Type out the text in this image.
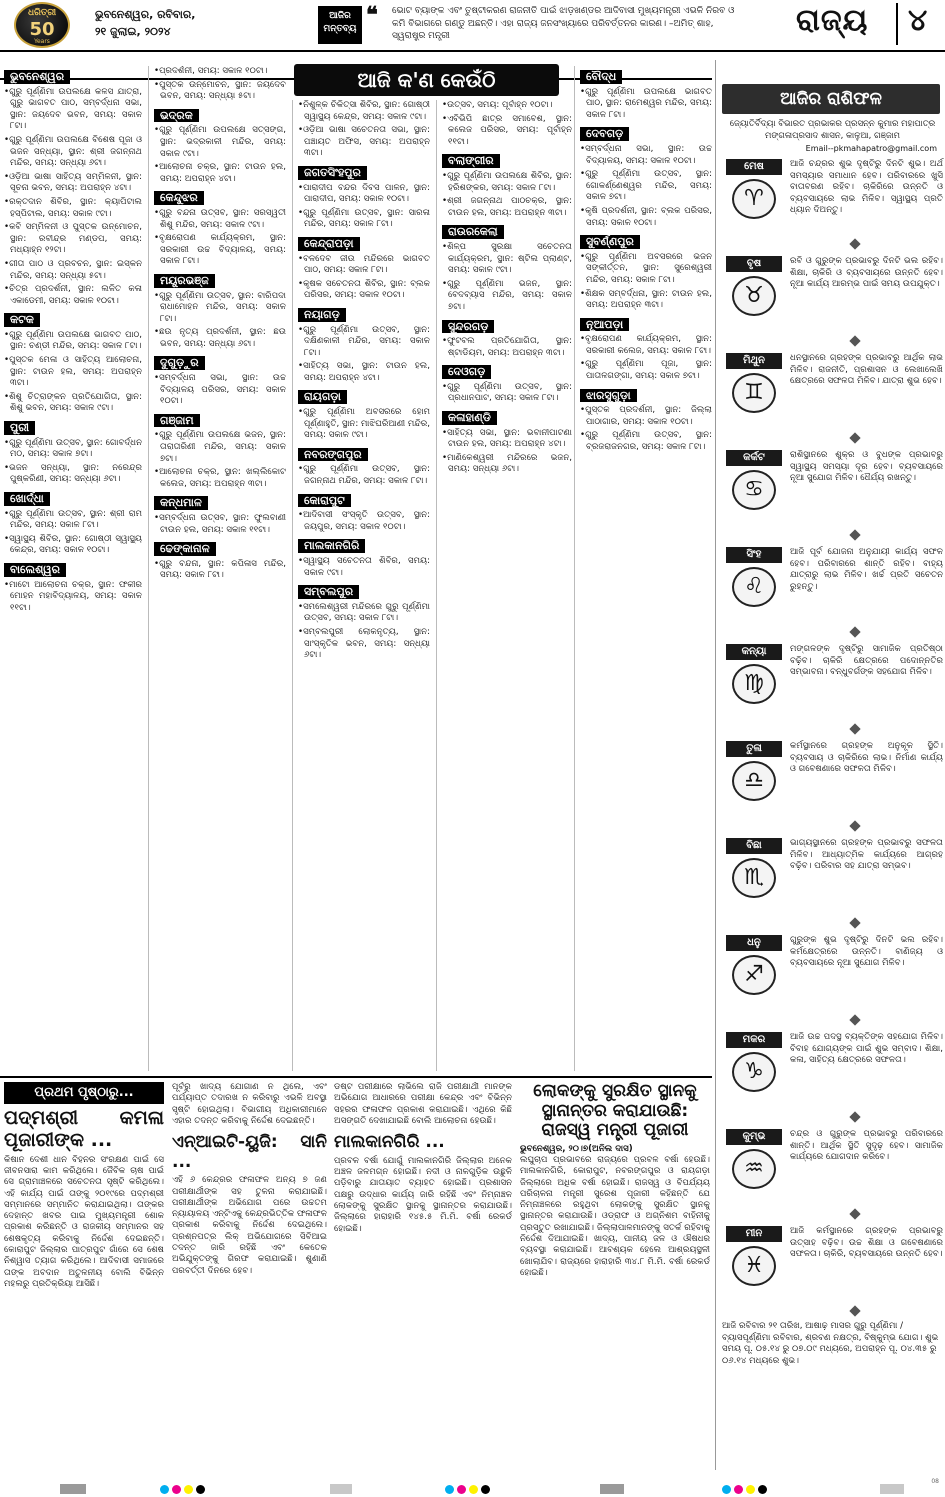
ଧରିତ୍ରୀ
50
Years
ଭୁବନେଶ୍ୱର, ରବିବାର,
୨୧ ଜୁଲାଇ, ୨୦୨୪
ଆଜିର ମନ୍ତବ୍ୟ
❝ ଭୋଟ ବ୍ୟାଙ୍କ ଏବଂ ତୁଷ୍ଟୀକରଣ ରାଜନୀତି ପାଇଁ ଝାଡ଼ଖଣ୍ଡର ଆଦିବାସୀ ମୁଖ୍ୟମନ୍ତ୍ରୀ ଏଭଳି ନିରବ ଓ କମି ବିଭାଗରେ ଗଣ୍ଡୁ ଅଛନ୍ତି। ଏହା ରାଜ୍ୟ ଜନସଂଖ୍ୟାରେ ପରିବର୍ତ୍ତନର କାରଣ। –ଅମିତ୍ ଶାହ, ସ୍ୱରାଷ୍ଟ୍ର ମନ୍ତ୍ରୀ	ରାଜ୍ୟ	୪
ଆଜି କ'ଣ କେଉଁଠି
ଭୁବନେଶ୍ୱର
• ଗୁରୁ ପୂର୍ଣ୍ଣିମା ଉପଲକ୍ଷେ କଳସ ଯାତ୍ରା, ଗୁରୁ ଭାଗବତ ପାଠ, ସମ୍ବର୍ଦ୍ଧନା ସଭା, ସ୍ଥାନ: ଜୟଦେବ ଭବନ, ସମୟ: ସକାଳ ୮ଟା।
• ଗୁରୁ ପୂର୍ଣ୍ଣିମା ଉପଲକ୍ଷେ ବିଶେଷ ପୂଜା ଓ ଭଜନ ସନ୍ଧ୍ୟା, ସ୍ଥାନ: ଶ୍ରୀ ଜଗନ୍ନାଥ ମନ୍ଦିର, ସମୟ: ସନ୍ଧ୍ୟା ୬ଟା।
• ଓଡ଼ିଆ ଭାଷା ସାହିତ୍ୟ ସମ୍ମିଳନୀ, ସ୍ଥାନ: ସୂଚନା ଭବନ, ସମୟ: ଅପରାହ୍ନ ୪ଟା।
• ରକ୍ତଦାନ ଶିବିର, ସ୍ଥାନ: କ୍ୟାପିଟାଲ ହସ୍ପିଟାଲ, ସମୟ: ସକାଳ ୯ଟା।
• କବି ସମ୍ମିଳନୀ ଓ ପୁସ୍ତକ ଉନ୍ମୋଚନ, ସ୍ଥାନ: ରବୀନ୍ଦ୍ର ମଣ୍ଡପ, ସମୟ: ମଧ୍ୟାହ୍ନ ୧୨ଟା।
• ଗୀତା ପାଠ ଓ ପ୍ରବଚନ, ସ୍ଥାନ: ଇସ୍କନ ମନ୍ଦିର, ସମୟ: ସନ୍ଧ୍ୟା ୫ଟା।
• ଚିତ୍ର ପ୍ରଦର୍ଶନୀ, ସ୍ଥାନ: ଲଳିତ କଳା ଏକାଡେମୀ, ସମୟ: ସକାଳ ୧୦ଟା।
କଟକ
• ଗୁରୁ ପୂର୍ଣ୍ଣିମା ଉପଲକ୍ଷେ ଭାଗବତ ପାଠ, ସ୍ଥାନ: ଚଣ୍ଡୀ ମନ୍ଦିର, ସମୟ: ସକାଳ ୮ଟା।
• ପୁସ୍ତକ ମେଳା ଓ ସାହିତ୍ୟ ଆଲୋଚନା, ସ୍ଥାନ: ଟାଉନ ହଲ, ସମୟ: ଅପରାହ୍ନ ୩ଟା।
• ଶିଶୁ ଚିତ୍ରାଙ୍କନ ପ୍ରତିଯୋଗିତା, ସ୍ଥାନ: ଶିଶୁ ଭବନ, ସମୟ: ସକାଳ ୯ଟା।
ପୁରୀ
• ଗୁରୁ ପୂର୍ଣ୍ଣିମା ଉତ୍ସବ, ସ୍ଥାନ: ଗୋବର୍ଦ୍ଧନ ମଠ, ସମୟ: ସକାଳ ୭ଟା।
• ଭଜନ ସନ୍ଧ୍ୟା, ସ୍ଥାନ: ନରେନ୍ଦ୍ର ପୁଷ୍କରିଣୀ, ସମୟ: ସନ୍ଧ୍ୟା ୬ଟା।
ଖୋର୍ଦ୍ଧା
• ଗୁରୁ ପୂର୍ଣ୍ଣିମା ଉତ୍ସବ, ସ୍ଥାନ: ଶ୍ରୀ ରାମ ମନ୍ଦିର, ସମୟ: ସକାଳ ୮ଟା।
• ସ୍ୱାସ୍ଥ୍ୟ ଶିବିର, ସ୍ଥାନ: ଗୋଷ୍ଠୀ ସ୍ୱାସ୍ଥ୍ୟ କେନ୍ଦ୍ର, ସମୟ: ସକାଳ ୧୦ଟା।
ବାଲେଶ୍ୱର
• ମାଟୋ ଆଲୋଚନା ଚକ୍ର, ସ୍ଥାନ: ଫକୀର ମୋହନ ମହାବିଦ୍ୟାଳୟ, ସମୟ: ସକାଳ ୧୧ଟା।
• ପ୍ରଦର୍ଶନୀ, ସମୟ: ସକାଳ ୧୦ଟା।
• ପୁସ୍ତକ ଉନ୍ମୋଚନ, ସ୍ଥାନ: ଜୟଦେବ ଭବନ, ସମୟ: ସନ୍ଧ୍ୟା ୫ଟା।
ଭଦ୍ରକ
• ଗୁରୁ ପୂର୍ଣ୍ଣିମା ଉପଲକ୍ଷେ ସତ୍ସଙ୍ଗ, ସ୍ଥାନ: ଭଦ୍ରକାଳୀ ମନ୍ଦିର, ସମୟ: ସକାଳ ୯ଟା।
• ଆଲୋଚନା ଚକ୍ର, ସ୍ଥାନ: ଟାଉନ ହଲ, ସମୟ: ଅପରାହ୍ନ ୪ଟା।
କେନ୍ଦୁଝର
• ଗୁରୁ ବନ୍ଦନା ଉତ୍ସବ, ସ୍ଥାନ: ସରସ୍ୱତୀ ଶିଶୁ ମନ୍ଦିର, ସମୟ: ସକାଳ ୯ଟା।
• ବୃକ୍ଷରୋପଣ କାର୍ଯ୍ୟକ୍ରମ, ସ୍ଥାନ: ସରକାରୀ ଉଚ୍ଚ ବିଦ୍ୟାଳୟ, ସମୟ: ସକାଳ ୮ଟା।
ମୟୂରଭଞ୍ଜ
• ଗୁରୁ ପୂର୍ଣ୍ଣିମା ଉତ୍ସବ, ସ୍ଥାନ: ବାରିପଦା ରାଧାମୋହନ ମନ୍ଦିର, ସମୟ: ସକାଳ ୮ଟା।
• ଛଉ ନୃତ୍ୟ ପ୍ରଦର୍ଶନୀ, ସ୍ଥାନ: ଛଉ ଭବନ, ସମୟ: ସନ୍ଧ୍ୟା ୬ଟା।
ଦୁଗୁଡ଼ୁର
• ସମ୍ବର୍ଦ୍ଧନା ସଭା, ସ୍ଥାନ: ଉଚ୍ଚ ବିଦ୍ୟାଳୟ ପରିସର, ସମୟ: ସକାଳ ୧୦ଟା।
ଗଞ୍ଜାମ
• ଗୁରୁ ପୂର୍ଣ୍ଣିମା ଉପଲକ୍ଷେ ଭଜନ, ସ୍ଥାନ: ତାରାତାରିଣୀ ମନ୍ଦିର, ସମୟ: ସକାଳ ୭ଟା।
• ଆଲୋଚନା ଚକ୍ର, ସ୍ଥାନ: ଖଲ୍ଲିକୋଟ କଲେଜ, ସମୟ: ଅପରାହ୍ନ ୩ଟା।
କନ୍ଧମାଳ
• ସମ୍ବର୍ଦ୍ଧନା ଉତ୍ସବ, ସ୍ଥାନ: ଫୁଲବାଣୀ ଟାଉନ ହଲ, ସମୟ: ସକାଳ ୧୧ଟା।
ଢେଙ୍କାନାଳ
• ଗୁରୁ ବନ୍ଦନା, ସ୍ଥାନ: କପିଳାସ ମନ୍ଦିର, ସମୟ: ସକାଳ ୮ଟା।
• ନିଶୁଳ୍କ ଚିକିତ୍ସା ଶିବିର, ସ୍ଥାନ: ଗୋଷ୍ଠୀ ସ୍ୱାସ୍ଥ୍ୟ କେନ୍ଦ୍ର, ସମୟ: ସକାଳ ୯ଟା।
• ଓଡ଼ିଆ ଭାଷା ସଚେତନତା ସଭା, ସ୍ଥାନ: ପଞ୍ଚାୟତ ଅଫିସ, ସମୟ: ଅପରାହ୍ନ ୩ଟା।
ଜଗତସିଂହପୁର
• ପାରାଦୀପ ବନ୍ଦର ଦିବସ ପାଳନ, ସ୍ଥାନ: ପାରାଦୀପ, ସମୟ: ସକାଳ ୧୦ଟା।
• ଗୁରୁ ପୂର୍ଣ୍ଣିମା ଉତ୍ସବ, ସ୍ଥାନ: ସାରଳା ମନ୍ଦିର, ସମୟ: ସକାଳ ୮ଟା।
କେନ୍ଦ୍ରାପଡ଼ା
• ବଳଦେବ ଜୀଉ ମନ୍ଦିରରେ ଭାଗବତ ପାଠ, ସମୟ: ସକାଳ ୮ଟା।
• କୃଷକ ସଚେତନତା ଶିବିର, ସ୍ଥାନ: ବ୍ଲକ ପରିସର, ସମୟ: ସକାଳ ୧୦ଟା।
ନୟାଗଡ଼
• ଗୁରୁ ପୂର୍ଣ୍ଣିମା ଉତ୍ସବ, ସ୍ଥାନ: ଦକ୍ଷିଣକାଳୀ ମନ୍ଦିର, ସମୟ: ସକାଳ ୮ଟା।
• ସାହିତ୍ୟ ସଭା, ସ୍ଥାନ: ଟାଉନ ହଲ, ସମୟ: ଅପରାହ୍ନ ୪ଟା।
ରାୟଗଡ଼ା
• ଗୁରୁ ପୂର୍ଣ୍ଣିମା ଅବସରରେ ହୋମ ପୂର୍ଣ୍ଣାହୁତି, ସ୍ଥାନ: ମାଝିଘରିଆଣୀ ମନ୍ଦିର, ସମୟ: ସକାଳ ୯ଟା।
ନବରଙ୍ଗପୁର
• ଗୁରୁ ପୂର୍ଣ୍ଣିମା ଉତ୍ସବ, ସ୍ଥାନ: ଜଗନ୍ନାଥ ମନ୍ଦିର, ସମୟ: ସକାଳ ୮ଟା।
କୋରାପୁଟ
• ଆଦିବାସୀ ସଂସ୍କୃତି ଉତ୍ସବ, ସ୍ଥାନ: ଜୟପୁର, ସମୟ: ସକାଳ ୧୦ଟା।
ମାଲକାନଗିରି
• ସ୍ୱାସ୍ଥ୍ୟ ସଚେତନତା ଶିବିର, ସମୟ: ସକାଳ ୯ଟା।
ସମ୍ବଲପୁର
• ସମଲେଶ୍ୱରୀ ମନ୍ଦିରରେ ଗୁରୁ ପୂର୍ଣ୍ଣିମା ଉତ୍ସବ, ସମୟ: ସକାଳ ୮ଟା।
• ସମ୍ବଲପୁରୀ ଲୋକନୃତ୍ୟ, ସ୍ଥାନ: ସାଂସ୍କୃତିକ ଭବନ, ସମୟ: ସନ୍ଧ୍ୟା ୬ଟା।
• ଉତ୍ସବ, ସମୟ: ପୂର୍ବାହ୍ନ ୧୦ଟା।
• ଏବିଭିପି ଛାତ୍ର ସମାବେଶ, ସ୍ଥାନ: କଲେଜ ପରିସର, ସମୟ: ପୂର୍ବାହ୍ନ ୧୧ଟା।
ବଲାଙ୍ଗୀର
• ଗୁରୁ ପୂର୍ଣ୍ଣିମା ଉପଲକ୍ଷେ ଶିବିର, ସ୍ଥାନ: ହରିଶଙ୍କର, ସମୟ: ସକାଳ ୮ଟା।
• ଶ୍ରୀ ଜଗନ୍ନାଥ ପାଠଚକ୍ର, ସ୍ଥାନ: ଟାଉନ ହଲ, ସମୟ: ଅପରାହ୍ନ ୩ଟା।
ରାଉରକେଲା
• ଶିଳ୍ପ ସୁରକ୍ଷା ସଚେତନତା କାର୍ଯ୍ୟକ୍ରମ, ସ୍ଥାନ: ଷ୍ଟିଲ ପ୍ଲାଣ୍ଟ, ସମୟ: ସକାଳ ୯ଟା।
• ଗୁରୁ ପୂର୍ଣ୍ଣିମା ଭଜନ, ସ୍ଥାନ: ବେଦବ୍ୟାସ ମନ୍ଦିର, ସମୟ: ସକାଳ ୭ଟା।
ସୁନ୍ଦରଗଡ଼
• ଫୁଟବଲ ପ୍ରତିଯୋଗିତା, ସ୍ଥାନ: ଷ୍ଟାଡିୟମ, ସମୟ: ଅପରାହ୍ନ ୩ଟା।
ଦେଓଗଡ଼
• ଗୁରୁ ପୂର୍ଣ୍ଣିମା ଉତ୍ସବ, ସ୍ଥାନ: ପ୍ରଧାନପାଟ, ସମୟ: ସକାଳ ୮ଟା।
କଳାହାଣ୍ଡି
• ସାହିତ୍ୟ ସଭା, ସ୍ଥାନ: ଭବାନୀପାଟଣା ଟାଉନ ହଲ, ସମୟ: ଅପରାହ୍ନ ୪ଟା।
• ମାଣିକେଶ୍ୱରୀ ମନ୍ଦିରରେ ଭଜନ, ସମୟ: ସନ୍ଧ୍ୟା ୬ଟା।
ବୌଦ୍ଧ
• ଗୁରୁ ପୂର୍ଣ୍ଣିମା ଉପଲକ୍ଷେ ଭାଗବତ ପାଠ, ସ୍ଥାନ: ରାମେଶ୍ୱର ମନ୍ଦିର, ସମୟ: ସକାଳ ୮ଟା।
ଦେବଗଡ଼
• ସମ୍ବର୍ଦ୍ଧନା ସଭା, ସ୍ଥାନ: ଉଚ୍ଚ ବିଦ୍ୟାଳୟ, ସମୟ: ସକାଳ ୧୦ଟା।
• ଗୁରୁ ପୂର୍ଣ୍ଣିମା ଉତ୍ସବ, ସ୍ଥାନ: ଗୋକର୍ଣ୍ଣେଶ୍ୱର ମନ୍ଦିର, ସମୟ: ସକାଳ ୭ଟା।
• କୃଷି ପ୍ରଦର୍ଶନୀ, ସ୍ଥାନ: ବ୍ଲକ ପରିସର, ସମୟ: ସକାଳ ୧୦ଟା।
ସୁବର୍ଣ୍ଣପୁର
• ଗୁରୁ ପୂର୍ଣ୍ଣିମା ଅବସରରେ ଭଜନ ସଙ୍କୀର୍ତ୍ତନ, ସ୍ଥାନ: ସୁରେଶ୍ୱରୀ ମନ୍ଦିର, ସମୟ: ସକାଳ ୮ଟା।
• ଶିକ୍ଷକ ସମ୍ବର୍ଦ୍ଧନା, ସ୍ଥାନ: ଟାଉନ ହଲ, ସମୟ: ଅପରାହ୍ନ ୩ଟା।
ନୂଆପଡ଼ା
• ବୃକ୍ଷରୋପଣ କାର୍ଯ୍ୟକ୍ରମ, ସ୍ଥାନ: ସରକାରୀ କଲେଜ, ସମୟ: ସକାଳ ୮ଟା।
• ଗୁରୁ ପୂର୍ଣ୍ଣିମା ପୂଜା, ସ୍ଥାନ: ପାତାଳଗଙ୍ଗା, ସମୟ: ସକାଳ ୭ଟା।
ଝାରସୁଗୁଡ଼ା
• ପୁସ୍ତକ ପ୍ରଦର୍ଶନୀ, ସ୍ଥାନ: ଜିଲ୍ଲା ପାଠାଗାର, ସମୟ: ସକାଳ ୧୦ଟା।
• ଗୁରୁ ପୂର୍ଣ୍ଣିମା ଉତ୍ସବ, ସ୍ଥାନ: ବ୍ରଜରାଜନଗର, ସମୟ: ସକାଳ ୮ଟା।
ଆଜିର ରାଶିଫଳ
ଜ୍ୟୋତିର୍ବିଦ୍ୟା ବିଭାରତ ପ୍ରଭାକର ପ୍ରସନ୍ନ କୁମାର ମହାପାତ୍ର
ମଙ୍ଗଳାପ୍ରସାଦ ଶାସନ, କାଳୁଆ, ଗଞ୍ଜାମ
Email--pkmahapatro@gmail.com
ମେଷ
♈
ଆଜି ଚନ୍ଦ୍ରର ଶୁଭ ଦୃଷ୍ଟିରୁ ଦିନଟି ଶୁଭ। ଅର୍ଥ ସମସ୍ୟାର ସମାଧାନ ହେବ। ପରିବାରରେ ଖୁସି ବାତାବରଣ ରହିବ। ଚାକିରିରେ ଉନ୍ନତି ଓ ବ୍ୟବସାୟରେ ଲାଭ ମିଳିବ। ସ୍ୱାସ୍ଥ୍ୟ ପ୍ରତି ଧ୍ୟାନ ଦିଅନ୍ତୁ।
ବୃଷ
♉
ରବି ଓ ଗୁରୁଙ୍କ ପ୍ରଭାବରୁ ଦିନଟି ଭଲ ରହିବ। ଶିକ୍ଷା, ଚାକିରି ଓ ବ୍ୟବସାୟରେ ଉନ୍ନତି ହେବ। ନୂଆ କାର୍ଯ୍ୟ ଆରମ୍ଭ ପାଇଁ ସମୟ ଉପଯୁକ୍ତ।
ମିଥୁନ
♊
ଧନସ୍ଥାନରେ ଗ୍ରହଙ୍କ ପ୍ରଭାବରୁ ଆର୍ଥିକ ଲାଭ ମିଳିବ। ରାଜନୀତି, ପ୍ରଶାସନ ଓ ଲେଖାଲେଖି କ୍ଷେତ୍ରରେ ସଫଳତା ମିଳିବ। ଯାତ୍ରା ଶୁଭ ହେବ।
କର୍କଟ
♋
ରାଶିସ୍ଥାନରେ ଶୁକ୍ର ଓ ବୁଧଙ୍କ ପ୍ରଭାବରୁ ସ୍ୱାସ୍ଥ୍ୟ ସମସ୍ୟା ଦୂର ହେବ। ବ୍ୟବସାୟରେ ନୂଆ ସୁଯୋଗ ମିଳିବ। ଧୈର୍ଯ୍ୟ ରଖନ୍ତୁ।
ସିଂହ
♌
ଆଜି ପୂର୍ବ ଯୋଜନା ଅନୁଯାୟୀ କାର୍ଯ୍ୟ ସଫଳ ହେବ। ପରିବାରରେ ଶାନ୍ତି ରହିବ। ବାହ୍ୟ ଯାତ୍ରାରୁ ଲାଭ ମିଳିବ। ଖର୍ଚ୍ଚ ପ୍ରତି ସଚେତନ ରୁହନ୍ତୁ।
କନ୍ୟା
♍
ମଙ୍ଗଳଙ୍କ ଦୃଷ୍ଟିରୁ ସାମାଜିକ ପ୍ରତିଷ୍ଠା ବଢ଼ିବ। ଚାକିରି କ୍ଷେତ୍ରରେ ପଦୋନ୍ନତିର ସମ୍ଭାବନା। ବନ୍ଧୁବର୍ଗଙ୍କ ସହଯୋଗ ମିଳିବ।
ତୁଳା
♎
କର୍ମସ୍ଥାନରେ ଗ୍ରହଙ୍କ ଅନୁକୂଳ ସ୍ଥିତି। ବ୍ୟବସାୟ ଓ ଚାକିରିରେ ଲାଭ। ନିର୍ମାଣ କାର୍ଯ୍ୟ ଓ ଗବେଷଣାରେ ସଫଳତା ମିଳିବ।
ବିଛା
♏
ଭାଗ୍ୟସ୍ଥାନରେ ଗ୍ରହଙ୍କ ପ୍ରଭାବରୁ ସଫଳତା ମିଳିବ। ଆଧ୍ୟାତ୍ମିକ କାର୍ଯ୍ୟରେ ଆଗ୍ରହ ବଢ଼ିବ। ପରିବାର ସହ ଯାତ୍ରା ସମ୍ଭବ।
ଧନୁ
♐
ଗୁରୁଙ୍କ ଶୁଭ ଦୃଷ୍ଟିରୁ ଦିନଟି ଭଲ ରହିବ। କର୍ମକ୍ଷେତ୍ରରେ ଉନ୍ନତି। ବାଣିଜ୍ୟ ଓ ବ୍ୟବସାୟରେ ନୂଆ ସୁଯୋଗ ମିଳିବ।
ମକର
♑
ଆଜି ଉଚ୍ଚ ପଦସ୍ଥ ବ୍ୟକ୍ତିଙ୍କ ସହଯୋଗ ମିଳିବ। ବିବାହ ଯୋଗ୍ୟଙ୍କ ପାଇଁ ଶୁଭ ସମ୍ବାଦ। ଶିକ୍ଷା, କଳା, ସାହିତ୍ୟ କ୍ଷେତ୍ରରେ ସଫଳତା।
କୁମ୍ଭ
♒
ଚନ୍ଦ୍ର ଓ ଗୁରୁଙ୍କ ପ୍ରଭାବରୁ ପରିବାରରେ ଶାନ୍ତି। ଆର୍ଥିକ ସ୍ଥିତି ସୁଦୃଢ଼ ହେବ। ସାମାଜିକ କାର୍ଯ୍ୟରେ ଯୋଗଦାନ କରିବେ।
ମୀନ
♓
ଆଜି କର୍ମସ୍ଥାନରେ ଗ୍ରହଙ୍କ ପ୍ରଭାବରୁ ଉତ୍ସାହ ବଢ଼ିବ। ଉଚ୍ଚ ଶିକ୍ଷା ଓ ଗବେଷଣାରେ ସଫଳତା। ଚାକିରି, ବ୍ୟବସାୟରେ ଉନ୍ନତି ହେବ।
ଆଜି ରବିବାର ୨୧ ତାରିଖ, ଆଷାଢ଼ ମାସର ଗୁରୁ ପୂର୍ଣ୍ଣିମା / ବ୍ୟାସପୂର୍ଣ୍ଣିମା ରବିବାର, ଶ୍ରବଣ ନକ୍ଷତ୍ର, ବିଷ୍କୁମ୍ଭ ଯୋଗ। ଶୁଭ ସମୟ ପୂ. ୦୫.୧୪ ରୁ ୦୭.୦୯ ମଧ୍ୟରେ, ଅପରାହ୍ନ ପୂ. ୦୪.୩୫ ରୁ ୦୬.୧୪ ମଧ୍ୟରେ ଶୁଭ।
ପ୍ରଥମ ପୃଷ୍ଠାରୁ...
ପଦ୍ମଶ୍ରୀ କମଳା ପୂଜାରୀଙ୍କ ...
କିଷାନ ଦେଶୀ ଧାନ ବିହନର ସଂରକ୍ଷଣ ପାଇଁ ସେ ଜୀବନସାରା କାମ କରିଥିଲେ। ଜୈବିକ ଚାଷ ପାଇଁ ସେ ଗ୍ରାମାଞ୍ଚଳରେ ସଚେତନତା ସୃଷ୍ଟି କରିଥିଲେ। ଏହି କାର୍ଯ୍ୟ ପାଇଁ ତାଙ୍କୁ ୨୦୧୯ରେ ପଦ୍ମଶ୍ରୀ ସମ୍ମାନରେ ସମ୍ମାନିତ କରାଯାଇଥିଲା। ତାଙ୍କର ଦେହାନ୍ତ ଖବର ପାଇ ମୁଖ୍ୟମନ୍ତ୍ରୀ ଶୋକ ପ୍ରକାଶ କରିଛନ୍ତି ଓ ରାଜକୀୟ ସମ୍ମାନର ସହ ଶେଷକୃତ୍ୟ କରିବାକୁ ନିର୍ଦ୍ଦେଶ ଦେଇଛନ୍ତି। କୋରାପୁଟ ଜିଲ୍ଲାର ପାତ୍ରପୁଟ ଗାଁରେ ସେ ଶେଷ ନିଶ୍ୱାସ ତ୍ୟାଗ କରିଥିଲେ। ଆଦିବାସୀ ସମାଜରେ ତାଙ୍କ ଅବଦାନ ଅତୁଳନୀୟ ବୋଲି ବିଭିନ୍ନ ମହଲରୁ ପ୍ରତିକ୍ରିୟା ଆସିଛି।
ପୂର୍ବରୁ ଖାଦ୍ୟ ଯୋଗାଣ ନ ଥିଲେ, ଏବଂ ପର୍ଯ୍ୟାପ୍ତ ତଦାରଖ ନ କରିବାରୁ ଏଭଳି ଅବସ୍ଥା ସୃଷ୍ଟି ହୋଇଥିଲା। ବିଭାଗୀୟ ଅଧିକାରୀମାନେ ଏହାର ତଦନ୍ତ କରିବାକୁ ନିର୍ଦ୍ଦେଶ ଦେଇଛନ୍ତି।
ଏନ୍‌ଆଇଟି-ୟୁଜି: ସାନି ...
ଏହି ୬ କେନ୍ଦ୍ରର ଫଳାଫଳ ଅନ୍ୟ ୭ ଜଣ ପରୀକ୍ଷାର୍ଥୀଙ୍କ ସହ ତୁଳନା କରାଯାଇଛି। ପରୀକ୍ଷାର୍ଥୀଙ୍କ ଅଭିଯୋଗ ପରେ ଉଚ୍ଚତମ ନ୍ୟାୟାଳୟ ଏନ୍‌ଟିଏକୁ କେନ୍ଦ୍ରଭିତ୍ତିକ ଫଳାଫଳ ପ୍ରକାଶ କରିବାକୁ ନିର୍ଦ୍ଦେଶ ଦେଇଥିଲେ। ପ୍ରଶ୍ନପତ୍ର ଲିକ୍ ଅଭିଯୋଗରେ ସିବିଆଇ ତଦନ୍ତ ଜାରି ରହିଛି ଏବଂ କେତେକ ଅଭିଯୁକ୍ତଙ୍କୁ ଗିରଫ କରାଯାଇଛି। ଶୁଣାଣି ପରବର୍ତ୍ତୀ ଦିନରେ ହେବ।
ଡଷ୍ଟ ପରୀକ୍ଷାରେ ଲାଭିଲେ ରାଜି ପରୀକ୍ଷାର୍ଥୀ ମାନଙ୍କ ଅଭିଯୋଗ ଆଧାରରେ ପରୀକ୍ଷା କେନ୍ଦ୍ର ଏବଂ ବିଭିନ୍ନ ସହରର ଫଳାଫଳ ପ୍ରକାଶ କରାଯାଇଛି। ଏଥିରେ କିଛି ଅସଙ୍ଗତି ଦେଖାଯାଇଛି ବୋଲି ଆଲୋଚନା ହେଉଛି।
ମାଲକାନଗିରି ...
ପ୍ରବଳ ବର୍ଷା ଯୋଗୁଁ ମାଲକାନଗିରି ଜିଲ୍ଲାର ଅନେକ ଅଞ୍ଚଳ ଜଳମଗ୍ନ ହୋଇଛି। ନଦୀ ଓ ନାଳଗୁଡ଼ିକ ଉଛୁଳି ପଡ଼ିବାରୁ ଯାତାୟାତ ବ୍ୟାହତ ହୋଇଛି। ପ୍ରଶାସନ ପକ୍ଷରୁ ଉଦ୍ଧାର କାର୍ଯ୍ୟ ଜାରି ରହିଛି ଏବଂ ନିମ୍ନାଞ୍ଚଳ ଲୋକଙ୍କୁ ସୁରକ୍ଷିତ ସ୍ଥାନକୁ ସ୍ଥାନାନ୍ତର କରାଯାଉଛି। ଜିଲ୍ଲାରେ ହାରାହାରି ୧୪୫.୫ ମି.ମି. ବର୍ଷା ରେକର୍ଡ ହୋଇଛି।
ଲୋକଙ୍କୁ ସୁରକ୍ଷିତ ସ୍ଥାନକୁ ସ୍ଥାନାନ୍ତର କରାଯାଉଛି: ରାଜସ୍ୱ ମନ୍ତ୍ରୀ ପୂଜାରୀ
ଭୁବନେଶ୍ୱର, ୨୦।୭(ଅନିଲ ଦାସ)
ଲଘୁଚାପ ପ୍ରଭାବରେ ରାଜ୍ୟରେ ପ୍ରବଳ ବର୍ଷା ହେଉଛି। ମାଲକାନଗିରି, କୋରାପୁଟ, ନବରଙ୍ଗପୁର ଓ ରାୟଗଡ଼ା ଜିଲ୍ଲାରେ ଅଧିକ ବର୍ଷା ହୋଇଛି। ରାଜସ୍ୱ ଓ ବିପର୍ଯ୍ୟୟ ପରିଚାଳନା ମନ୍ତ୍ରୀ ସୁରେଶ ପୂଜାରୀ କହିଛନ୍ତି ଯେ ନିମ୍ନାଞ୍ଚଳରେ ରହୁଥିବା ଲୋକଙ୍କୁ ସୁରକ୍ଷିତ ସ୍ଥାନକୁ ସ୍ଥାନାନ୍ତର କରାଯାଉଛି। ଓଡ୍ରାଫ ଓ ଅଗ୍ନିଶମ ବାହିନୀକୁ ପ୍ରସ୍ତୁତ ରଖାଯାଇଛି। ଜିଲ୍ଲାପାଳମାନଙ୍କୁ ସତର୍କ ରହିବାକୁ ନିର୍ଦ୍ଦେଶ ଦିଆଯାଇଛି। ଖାଦ୍ୟ, ପାନୀୟ ଜଳ ଓ ଔଷଧର ବ୍ୟବସ୍ଥା କରାଯାଇଛି। ଆବଶ୍ୟକ ହେଲେ ଆଶ୍ରୟସ୍ଥଳୀ ଖୋଲାଯିବ। ରାଜ୍ୟରେ ହାରାହାରି ୩୪.୮ ମି.ମି. ବର୍ଷା ରେକର୍ଡ ହୋଇଛି।
08
